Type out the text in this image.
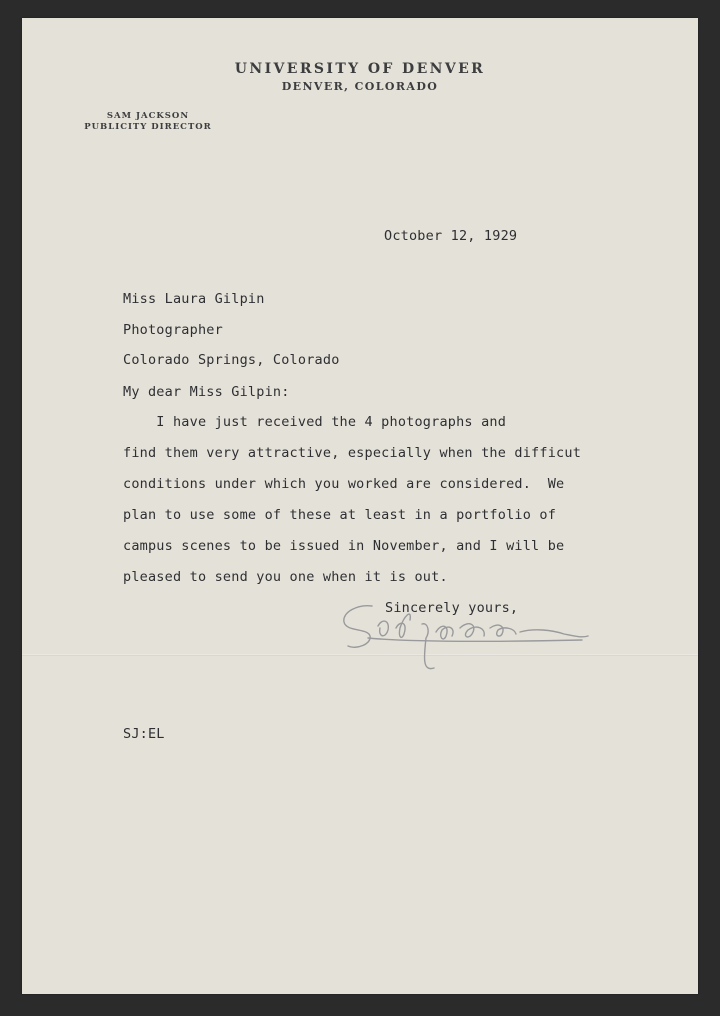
UNIVERSITY OF DENVER
DENVER, COLORADO
SAM JACKSON
PUBLICITY DIRECTOR
October 12, 1929
Miss Laura Gilpin
Photographer
Colorado Springs, Colorado
My dear Miss Gilpin:
I have just received the 4 photographs and
find them very attractive, especially when the difficut
conditions under which you worked are considered.  We
plan to use some of these at least in a portfolio of
campus scenes to be issued in November, and I will be
pleased to send you one when it is out.
Sincerely yours,
SJ:EL
